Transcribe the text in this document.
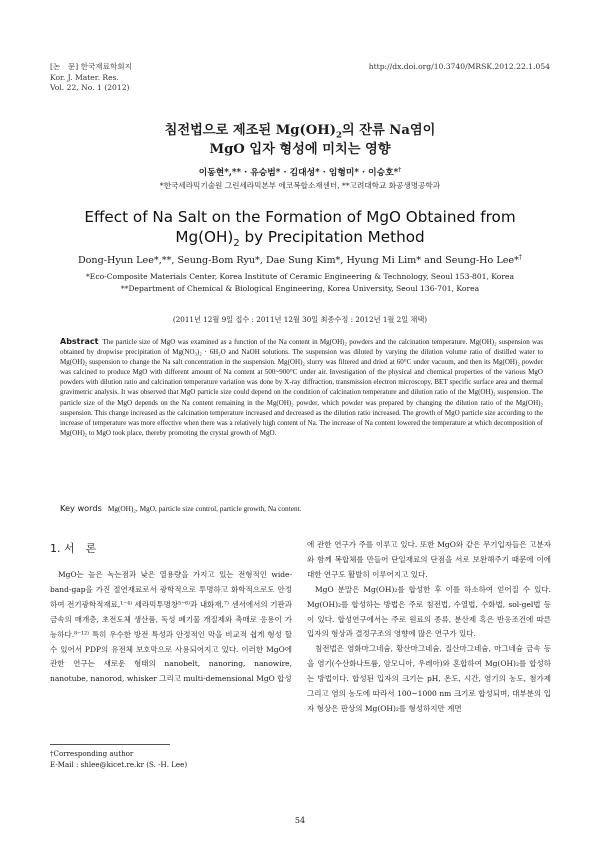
[논　문] 한국재료학회지
Kor. J. Mater. Res.
Vol. 22, No. 1 (2012)
http://dx.doi.org/10.3740/MRSK.2012.22.1.054
침전법으로 제조된 $Mg(OH)_2$의 잔류 Na염이
MgO 입자 형성에 미치는 영향
이동현*,** · 유승범* · 김대성* · 임형미* · 이승호*†
*한국세라믹기술원 그린세라믹본부 에코복합소재센터, **고려대학교 화공생명공학과
Effect of Na Salt on the Formation of MgO Obtained from
$Mg(OH)_2$ by Precipitation Method
Dong-Hyun Lee*,**, Seung-Bom Ryu*, Dae Sung Kim*, Hyung Mi Lim* and Seung-Ho Lee*†
*Eco-Composite Materials Center, Korea Institute of Ceramic Engineering & Technology, Seoul 153-801, Korea
**Department of Chemical & Biological Engineering, Korea University, Seoul 136-701, Korea
(2011년 12월 9일 접수 : 2011년 12월 30일 최종수정 : 2012년 1월 2일 채택)
Abstract The particle size of MgO was examined as a function of the Na content in Mg(OH)₂ powders and the calcination temperature. Mg(OH)₂ suspension was obtained by dropwise precipitation of Mg(NO₃)₂ · 6H₂O and NaOH solutions. The suspension was diluted by varying the dilution volume ratio of distilled water to Mg(OH)₂ suspension to change the Na salt concentration in the suspension. Mg(OH)₂ slurry was filtered and dried at 60°C under vacuum, and then its Mg(OH)₂ powder was calcined to produce MgO with different amount of Na content at 500~900°C under air. Investigation of the physical and chemical properties of the various MgO powders with dilution ratio and calcination temperature variation was done by X-ray diffraction, transmission electron microscopy, BET specific surface area and thermal gravimetric analysis. It was observed that MgO particle size could depend on the condition of calcination temperature and dilution ratio of the Mg(OH)₂ suspension. The particle size of the MgO depends on the Na content remaining in the Mg(OH)₂ powder, which powder was prepared by changing the dilution ratio of the Mg(OH)₂ suspension. This change increased as the calcination temperature increased and decreased as the dilution ratio increased. The growth of MgO particle size according to the increase of temperature was more effective when there was a relatively high content of Na. The increase of Na content lowered the temperature at which decomposition of Mg(OH)₂ to MgO took place, thereby promoting the crystal growth of MgO.
Key words Mg(OH)₂, MgO, particle size control, particle growth, Na content.
1. 서　론

MgO는 높은 녹는점과 낮은 열용량을 가지고 있는 전형적인 wide-band-gap을 가진 절연재료로서 광학적으로 투명하고 화학적으로도 안정하여 전기광학적재료,¹⁻⁴⁾ 세라믹투명창⁵⁻⁶⁾과 내화재,⁷⁾ 센서에서의 기판과 금속의 매개층, 초전도체 생산품, 독성 폐기물 개질제와 촉매로 응용이 가능하다.⁸⁻¹²⁾ 특히 우수한 방전 특성과 안정적인 막을 비교적 쉽게 형성 할 수 있어서 PDP의 유전체 보호막으로 사용되어지고 있다. 이러한 MgO에 관한 연구는 새로운 형태의 nanobelt, nanoring, nanowire, nanotube, nanorod, whisker 그리고 multi-demensional MgO 합성

에 관한 연구가 주를 이루고 있다. 또한 MgO와 같은 무기입자들은 고분자와 함께 복합체를 만들어 단일재료의 단점을 서로 보완해주기 때문에 이에 대한 연구도 활발히 이루어지고 있다.

MgO 분말은 Mg(OH)₂를 합성한 후 이를 하소하여 얻어질 수 있다. Mg(OH)₂를 합성하는 방법은 주로 침전법, 수열법, 수화법, sol-gel법 등이 있다. 합성연구에서는 주로 원료의 종류, 분산제 혹은 반응조건에 따른 입자의 형상과 결정구조의 영향에 많은 연구가 있다.

침전법은 염화마그네슘, 황산마그네슘, 질산마그네슘, 마그네슘 금속 등을 염기(수산화나트륨, 암모니아, 우레아)와 혼합하여 Mg(OH)₂를 합성하는 방법이다. 합성된 입자의 크기는 pH, 온도, 시간, 염기의 농도, 첨가제 그리고 염의 농도에 따라서 100~1000 nm 크기로 합성되며, 대부분의 입자 형상은 판상의 Mg(OH)₂를 형성하지만 계면

†Corresponding author
E-Mail : shlee@kicet.re.kr (S. -H. Lee)
54
